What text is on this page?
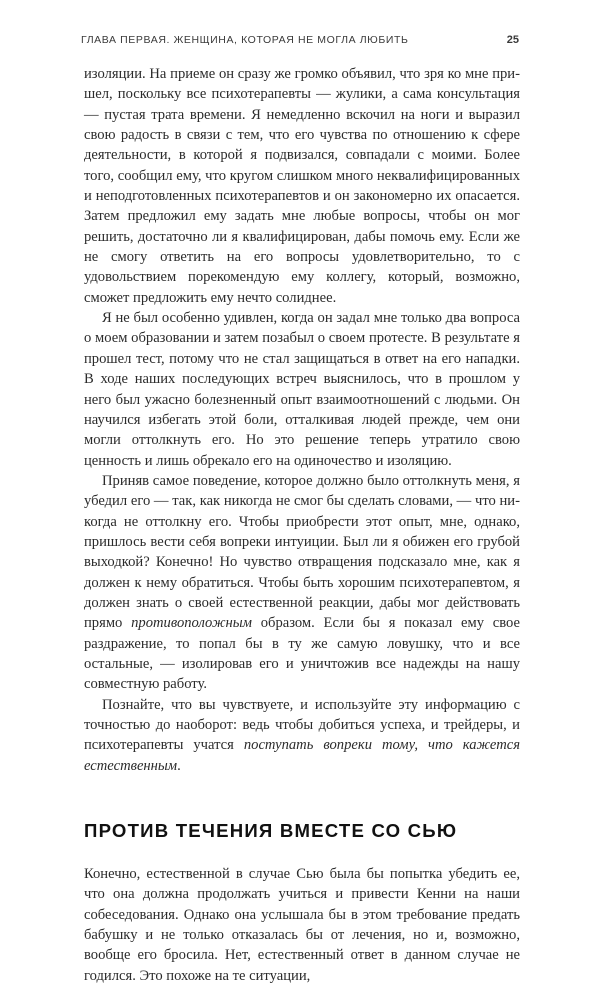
ГЛАВА ПЕРВАЯ. ЖЕНЩИНА, КОТОРАЯ НЕ МОГЛА ЛЮБИТЬ	25

изоляции. На приеме он сразу же громко объявил, что зря ко мне пришел, поскольку все психотерапевты — жулики, а сама консультация — пустая трата времени. Я немедленно вскочил на ноги и выразил свою радость в связи с тем, что его чувства по отношению к сфере деятельности, в которой я подвизался, совпадали с моими. Более того, сообщил ему, что кругом слишком много неквалифицированных и неподготовленных психотерапевтов и он закономерно их опасается. Затем предложил ему задать мне любые вопросы, чтобы он мог решить, достаточно ли я квалифицирован, дабы помочь ему. Если же не смогу ответить на его вопросы удовлетворительно, то с удовольствием порекомендую ему коллегу, который, возможно, сможет предложить ему нечто солиднее.

Я не был особенно удивлен, когда он задал мне только два вопроса о моем образовании и затем позабыл о своем протесте. В результате я прошел тест, потому что не стал защищаться в ответ на его нападки. В ходе наших последующих встреч выяснилось, что в прошлом у него был ужасно болезненный опыт взаимоотношений с людьми. Он научился избегать этой боли, отталкивая людей прежде, чем они могли оттолкнуть его. Но это решение теперь утратило свою ценность и лишь обрекало его на одиночество и изоляцию.

Приняв самое поведение, которое должно было оттолкнуть меня, я убедил его — так, как никогда не смог бы сделать словами, — что никогда не оттолкну его. Чтобы приобрести этот опыт, мне, однако, пришлось вести себя вопреки интуиции. Был ли я обижен его грубой выходкой? Конечно! Но чувство отвращения подсказало мне, как я должен к нему обратиться. Чтобы быть хорошим психотерапевтом, я должен знать о своей естественной реакции, дабы мог действовать прямо противоположным образом. Если бы я показал ему свое раздражение, то попал бы в ту же самую ловушку, что и все остальные, — изолировав его и уничтожив все надежды на нашу совместную работу.

Познайте, что вы чувствуете, и используйте эту информацию с точностью до наоборот: ведь чтобы добиться успеха, и трейдеры, и психотерапевты учатся поступать вопреки тому, что кажется естественным.

ПРОТИВ ТЕЧЕНИЯ ВМЕСТЕ СО СЬЮ

Конечно, естественной в случае Сью была бы попытка убедить ее, что она должна продолжать учиться и привести Кенни на наши собеседования. Однако она услышала бы в этом требование предать бабушку и не только отказалась бы от лечения, но и, возможно, вообще его бросила. Нет, естественный ответ в данном случае не годился. Это похоже на те ситуации,
